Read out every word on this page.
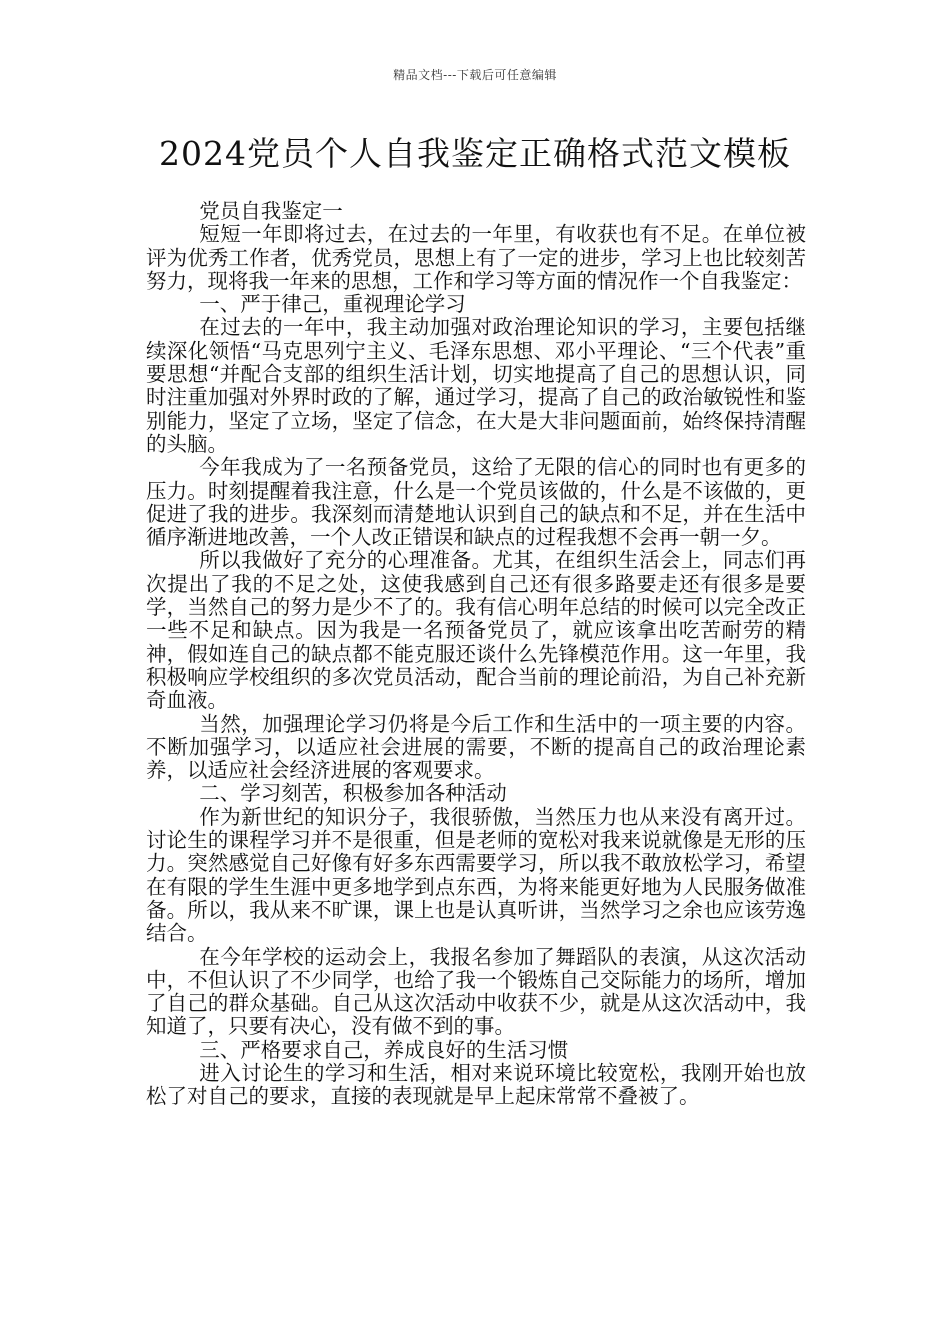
精品文档---下载后可任意编辑
2024党员个人自我鉴定正确格式范文模板

党员自我鉴定一

短短一年即将过去，在过去的一年里，有收获也有不足。在单位被评为优秀工作者，优秀党员，思想上有了一定的进步，学习上也比较刻苦努力，现将我一年来的思想，工作和学习等方面的情况作一个自我鉴定：

一、严于律己，重视理论学习

在过去的一年中，我主动加强对政治理论知识的学习，主要包括继续深化领悟“马克思列宁主义、毛泽东思想、邓小平理论、“三个代表”重要思想“并配合支部的组织生活计划，切实地提高了自己的思想认识，同时注重加强对外界时政的了解，通过学习，提高了自己的政治敏锐性和鉴别能力，坚定了立场，坚定了信念，在大是大非问题面前，始终保持清醒的头脑。

今年我成为了一名预备党员，这给了无限的信心的同时也有更多的压力。时刻提醒着我注意，什么是一个党员该做的，什么是不该做的，更促进了我的进步。我深刻而清楚地认识到自己的缺点和不足，并在生活中循序渐进地改善，一个人改正错误和缺点的过程我想不会再一朝一夕。

所以我做好了充分的心理准备。尤其，在组织生活会上，同志们再次提出了我的不足之处，这使我感到自己还有很多路要走还有很多是要学，当然自己的努力是少不了的。我有信心明年总结的时候可以完全改正一些不足和缺点。因为我是一名预备党员了，就应该拿出吃苦耐劳的精神，假如连自己的缺点都不能克服还谈什么先锋模范作用。这一年里，我积极响应学校组织的多次党员活动，配合当前的理论前沿，为自己补充新奇血液。

当然，加强理论学习仍将是今后工作和生活中的一项主要的内容。不断加强学习，以适应社会进展的需要，不断的提高自己的政治理论素养，以适应社会经济进展的客观要求。

二、学习刻苦，积极参加各种活动

作为新世纪的知识分子，我很骄傲，当然压力也从来没有离开过。讨论生的课程学习并不是很重，但是老师的宽松对我来说就像是无形的压力。突然感觉自己好像有好多东西需要学习，所以我不敢放松学习，希望在有限的学生生涯中更多地学到点东西，为将来能更好地为人民服务做准备。所以，我从来不旷课，课上也是认真听讲，当然学习之余也应该劳逸结合。

在今年学校的运动会上，我报名参加了舞蹈队的表演，从这次活动中，不但认识了不少同学，也给了我一个锻炼自己交际能力的场所，增加了自己的群众基础。自己从这次活动中收获不少，就是从这次活动中，我知道了，只要有决心，没有做不到的事。

三、严格要求自己，养成良好的生活习惯

进入讨论生的学习和生活，相对来说环境比较宽松，我刚开始也放松了对自己的要求，直接的表现就是早上起床常常不叠被了。
